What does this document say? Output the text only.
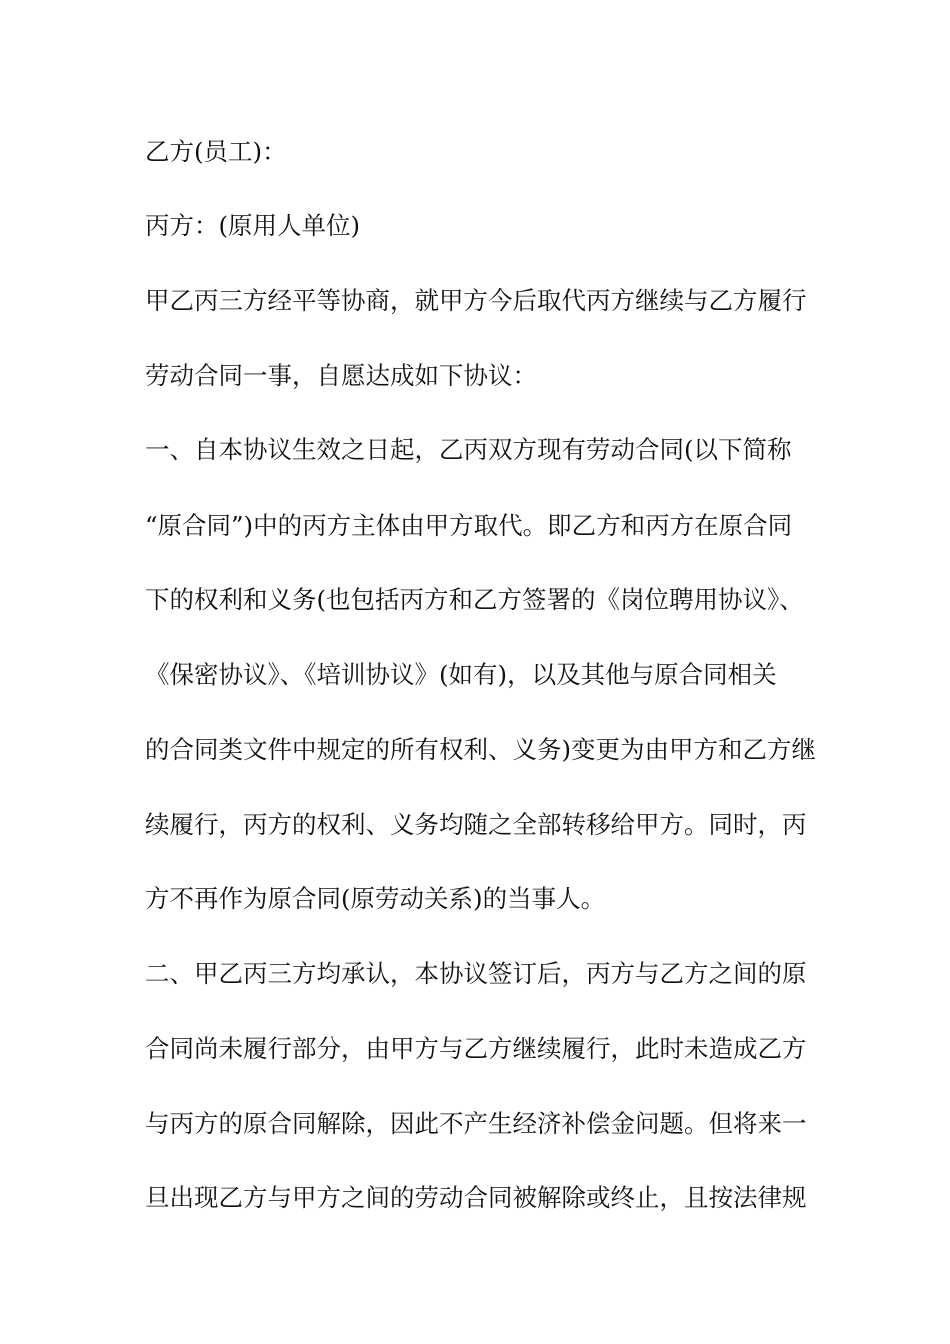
乙方(员工)：
丙方：(原用人单位)
甲乙丙三方经平等协商，就甲方今后取代丙方继续与乙方履行
劳动合同一事，自愿达成如下协议：
一、自本协议生效之日起，乙丙双方现有劳动合同(以下简称
“原合同”)中的丙方主体由甲方取代。即乙方和丙方在原合同
下的权利和义务(也包括丙方和乙方签署的《岗位聘用协议》、
《保密协议》、《培训协议》(如有)，以及其他与原合同相关
的合同类文件中规定的所有权利、义务)变更为由甲方和乙方继
续履行，丙方的权利、义务均随之全部转移给甲方。同时，丙
方不再作为原合同(原劳动关系)的当事人。
二、甲乙丙三方均承认，本协议签订后，丙方与乙方之间的原
合同尚未履行部分，由甲方与乙方继续履行，此时未造成乙方
与丙方的原合同解除，因此不产生经济补偿金问题。但将来一
旦出现乙方与甲方之间的劳动合同被解除或终止，且按法律规
